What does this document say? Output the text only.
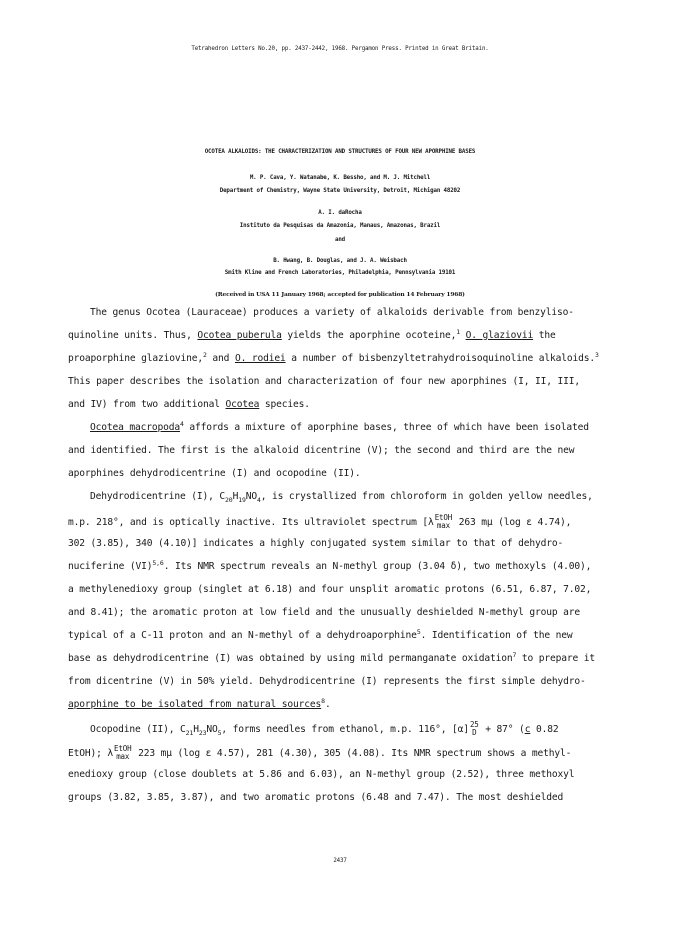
Tetrahedron Letters No.20, pp. 2437-2442, 1968. Pergamon Press. Printed in Great Britain.
OCOTEA ALKALOIDS: THE CHARACTERIZATION AND STRUCTURES OF FOUR NEW APORPHINE BASES
M. P. Cava, Y. Watanabe, K. Bessho, and M. J. Mitchell
Department of Chemistry, Wayne State University, Detroit, Michigan 48202
A. I. daRocha
Instituto da Pesquisas da Amazonia, Manaus, Amazonas, Brazil
and
B. Hwang, B. Douglas, and J. A. Weisbach
Smith Kline and French Laboratories, Philadelphia, Pennsylvania 19101
(Received in USA 11 January 1968; accepted for publication 14 February 1968)
The genus Ocotea (Lauraceae) produces a variety of alkaloids derivable from benzyliso-
quinoline units. Thus, Ocotea puberula yields the aporphine ocoteine,$^1$ O. glaziovii the
proaporphine glaziovine,$^2$ and O. rodiei a number of bisbenzyltetrahydroisoquinoline alkaloids.$^3$
This paper describes the isolation and characterization of four new aporphines (I, II, III,
and IV) from two additional Ocotea species.
Ocotea macropoda$^4$ affords a mixture of aporphine bases, three of which have been isolated
and identified. The first is the alkaloid dicentrine (V); the second and third are the new
aporphines dehydrodicentrine (I) and ocopodine (II).
Dehydrodicentrine (I), $C_{20}H_{19}NO_4$, is crystallized from chloroform in golden yellow needles,
m.p. 218°, and is optically inactive. Its ultraviolet spectrum [λ EtOH
max 263 mμ (log ε 4.74),
302 (3.85), 340 (4.10)] indicates a highly conjugated system similar to that of dehydro-
nuciferine (VI)$^{5,6}$. Its NMR spectrum reveals an N-methyl group (3.04 δ), two methoxyls (4.00),
a methylenedioxy group (singlet at 6.18) and four unsplit aromatic protons (6.51, 6.87, 7.02,
and 8.41); the aromatic proton at low field and the unusually deshielded N-methyl group are
typical of a C-11 proton and an N-methyl of a dehydroaporphine$^5$. Identification of the new
base as dehydrodicentrine (I) was obtained by using mild permanganate oxidation$^7$ to prepare it
from dicentrine (V) in 50% yield. Dehydrodicentrine (I) represents the first simple dehydro-
aporphine to be isolated from natural sources$^8$.
Ocopodine (II), $C_{21}H_{23}NO_5$, forms needles from ethanol, m.p. 116°, [α] 25
D + 87° (c 0.82
EtOH); λ EtOH
max 223 mμ (log ε 4.57), 281 (4.30), 305 (4.08). Its NMR spectrum shows a methyl-
enedioxy group (close doublets at 5.86 and 6.03), an N-methyl group (2.52), three methoxyl
groups (3.82, 3.85, 3.87), and two aromatic protons (6.48 and 7.47). The most deshielded
2437
